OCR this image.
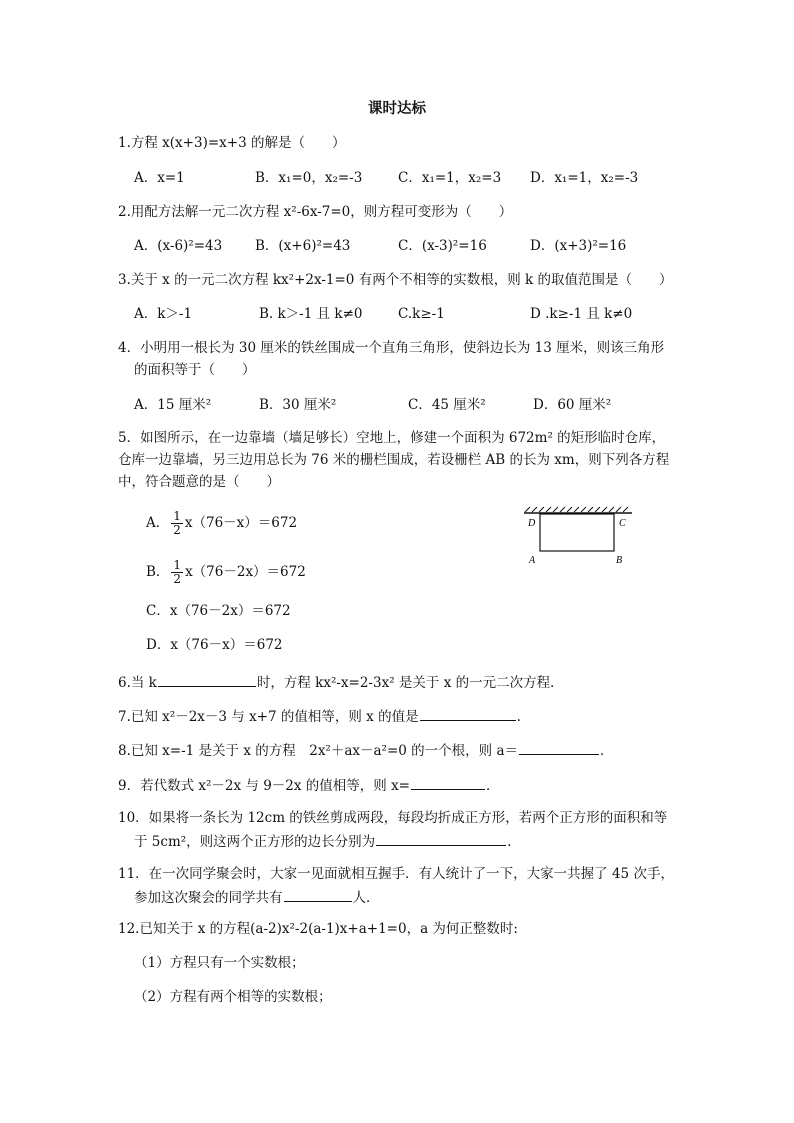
课时达标
1.方程 x(x+3)=x+3 的解是（　　）
A．x=1	B．x₁=0，x₂=-3	C．x₁=1，x₂=3 D．x₁=1，x₂=-3
2.用配方法解一元二次方程 x²-6x-7=0，则方程可变形为（　　）
A．(x-6)²=43 B．(x+6)²=43	C．(x-3)²=16	D．(x+3)²=16
3.关于 x 的一元二次方程 kx²+2x-1=0 有两个不相等的实数根，则 k 的取值范围是（　　）
A．k＞-1	B. k＞-1 且 k≠0	C.k≥-1	D .k≥-1 且 k≠0
4．小明用一根长为 30 厘米的铁丝围成一个直角三角形，使斜边长为 13 厘米，则该三角形
的面积等于（　　）
A．15 厘米²	B．30 厘米²	C．45 厘米²	D．60 厘米²
5．如图所示，在一边靠墙（墙足够长）空地上，修建一个面积为 672m² 的矩形临时仓库，
仓库一边靠墙，另三边用总长为 76 米的栅栏围成，若设栅栏 AB 的长为 xm，则下列各方程
中，符合题意的是（　　）
A． $\frac{1}{2} x(76-x)=672$
B． $\frac{1}{2} x(76-2x)=672$
C．x（76－2x）＝672
D．x（76－x）＝672
D	C
A	B
6.当 k	时，方程 kx²-x=2-3x² 是关于 x 的一元二次方程．
7.已知 x²－2x－3 与 x+7 的值相等，则 x 的值是	.
8.已知 x=-1 是关于 x 的方程　2x²＋ax－a²=0 的一个根，则 a＝	．
9．若代数式 x²－2x 与 9－2x 的值相等，则 x=	．
10．如果将一条长为 12cm 的铁丝剪成两段，每段均折成正方形，若两个正方形的面积和等
于 5cm²，则这两个正方形的边长分别为	.
11．在一次同学聚会时，大家一见面就相互握手．有人统计了一下，大家一共握了 45 次手，
参加这次聚会的同学共有	人．
12.已知关于 x 的方程(a-2)x²-2(a-1)x+a+1=0，a 为何正整数时:
（1）方程只有一个实数根；
（2）方程有两个相等的实数根；
